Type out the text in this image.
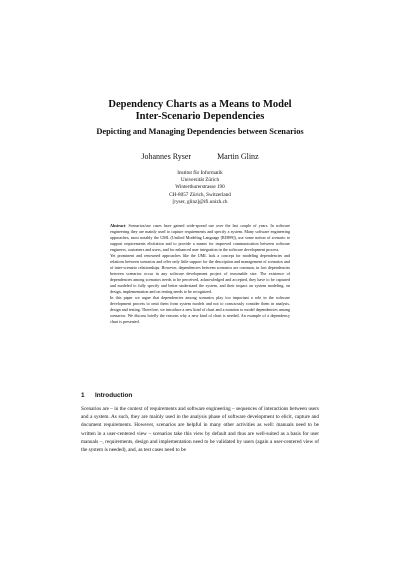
Dependency Charts as a Means to Model
Inter-Scenario Dependencies
Depicting and Managing Dependencies between Scenarios
Johannes Ryser	Martin Glinz
Institut für Informatik
Universität Zürich
Winterthurerstrasse 190
CH-8057 Zürich, Switzerland
[ryser, glinz]@ifi.unizh.ch

Abstract: Scenarios/use cases have gained wide-spread use over the last couple of years. In software engineering they are mainly used to capture requirements and specify a system. Many software engineering approaches, most notably the UML (Unified Modeling Language [RJB99]), use some notion of scenario to support requirements elicitation and to provide a means for improved communication between software engineers, customers and users, and for enhanced user integration in the software development process.

Yet prominent and renowned approaches like the UML lack a concept for modeling dependencies and relations between scenarios and offer only little support for the description and management of scenarios and of inter-scenario relationships. However, dependencies between scenarios are common, in fact dependencies between scenarios occur in any software development project of reasonable size. The existence of dependencies among scenarios needs to be perceived, acknowledged and accepted, they have to be captured and modeled to fully specify and better understand the system, and their impact on system modeling, on design, implementation and on testing needs to be recognized.

In this paper we argue that dependencies among scenarios play too important a role in the software development process to omit them from system models and not to consciously consider them in analysis, design and testing. Therefore, we introduce a new kind of chart and a notation to model dependencies among scenarios. We discuss briefly the reasons why a new kind of chart is needed. An example of a dependency chart is presented.

1 Introduction

Scenarios are – in the context of requirements and software engineering – sequences of interactions between users and a system. As such, they are mainly used in the analysis phase of software development to elicit, capture and document requirements. However, scenarios are helpful in many other activities as well: manuals need to be written in a user-centered view – scenarios take this view by default and thus are well-suited as a basis for user manuals –, requirements, design and implementation need to be validated by users (again a user-centered view of the system is needed), and, as test cases need to be
